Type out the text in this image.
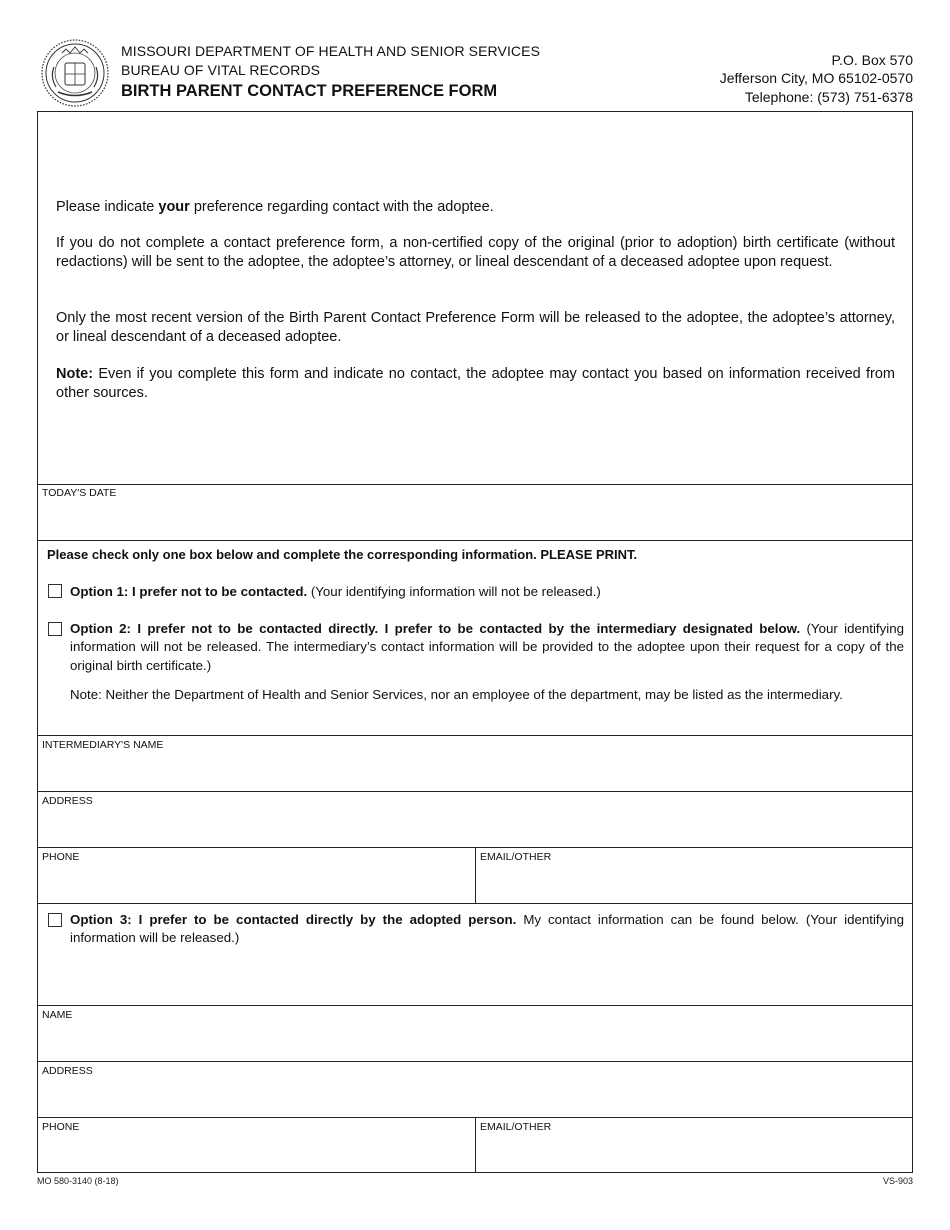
MISSOURI DEPARTMENT OF HEALTH AND SENIOR SERVICES
BUREAU OF VITAL RECORDS
BIRTH PARENT CONTACT PREFERENCE FORM
P.O. Box 570
Jefferson City, MO 65102-0570
Telephone: (573) 751-6378
Please indicate your preference regarding contact with the adoptee.
If you do not complete a contact preference form, a non-certified copy of the original (prior to adoption) birth certificate (without redactions) will be sent to the adoptee, the adoptee’s attorney, or lineal descendant of a deceased adoptee upon request.
Only the most recent version of the Birth Parent Contact Preference Form will be released to the adoptee, the adoptee’s attorney, or lineal descendant of a deceased adoptee.
Note: Even if you complete this form and indicate no contact, the adoptee may contact you based on information received from other sources.
TODAY'S DATE
Please check only one box below and complete the corresponding information. PLEASE PRINT.
Option 1: I prefer not to be contacted. (Your identifying information will not be released.)
Option 2: I prefer not to be contacted directly. I prefer to be contacted by the intermediary designated below. (Your identifying information will not be released. The intermediary’s contact information will be provided to the adoptee upon their request for a copy of the original birth certificate.)
Note: Neither the Department of Health and Senior Services, nor an employee of the department, may be listed as the intermediary.
INTERMEDIARY'S NAME
ADDRESS
PHONE	EMAIL/OTHER
Option 3: I prefer to be contacted directly by the adopted person. My contact information can be found below. (Your identifying information will be released.)
NAME
ADDRESS
PHONE	EMAIL/OTHER
MO 580-3140 (8-18)	VS-903
